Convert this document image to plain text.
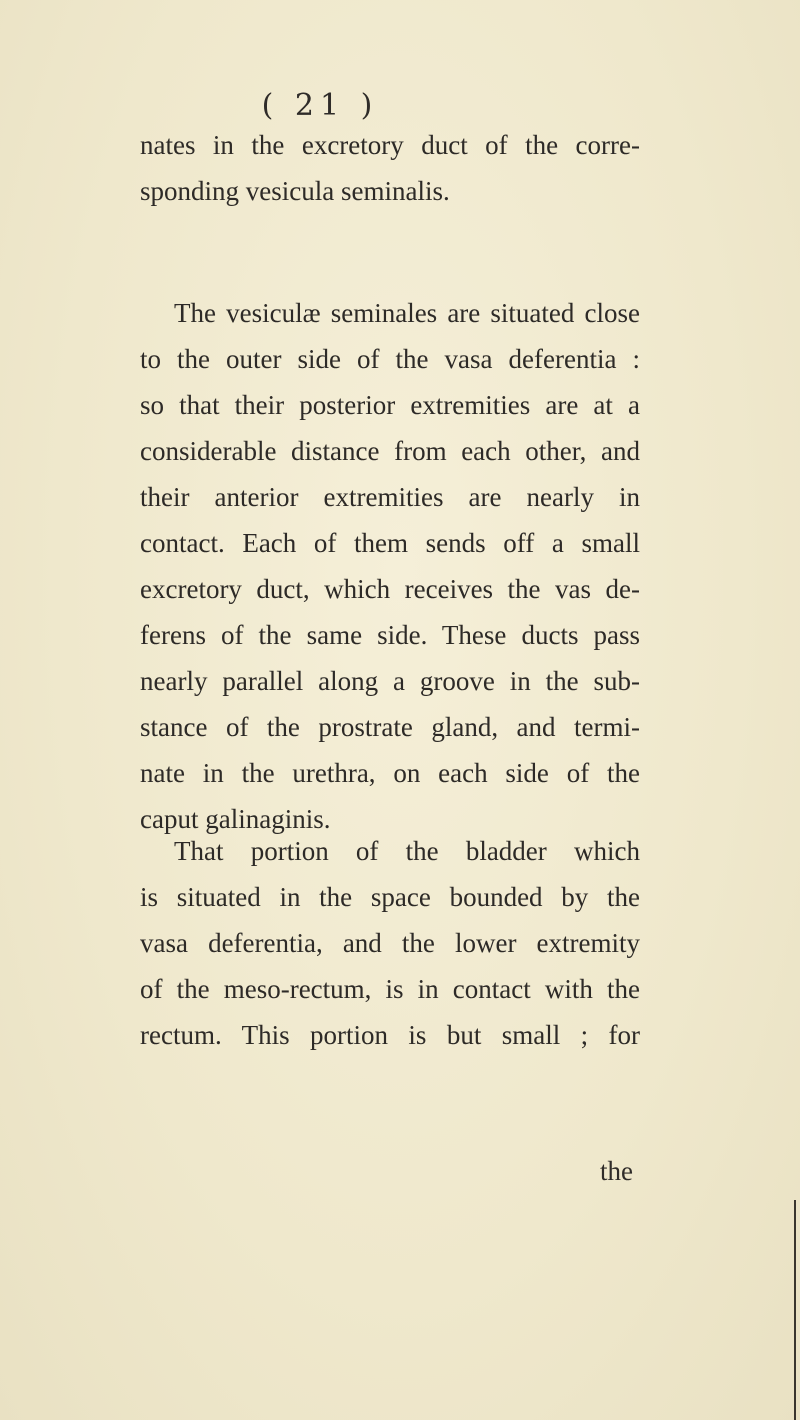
( 21 )
nates in the excretory duct of the corre-
sponding vesicula seminalis.
The vesiculæ seminales are situated close
to the outer side of the vasa deferentia :
so that their posterior extremities are at a
considerable distance from each other, and
their anterior extremities are nearly in
contact. Each of them sends off a small
excretory duct, which receives the vas de-
ferens of the same side. These ducts pass
nearly parallel along a groove in the sub-
stance of the prostrate gland, and termi-
nate in the urethra, on each side of the
caput galinaginis.
That portion of the bladder which
is situated in the space bounded by the
vasa deferentia, and the lower extremity
of the meso-rectum, is in contact with the
rectum. This portion is but small ; for
the
